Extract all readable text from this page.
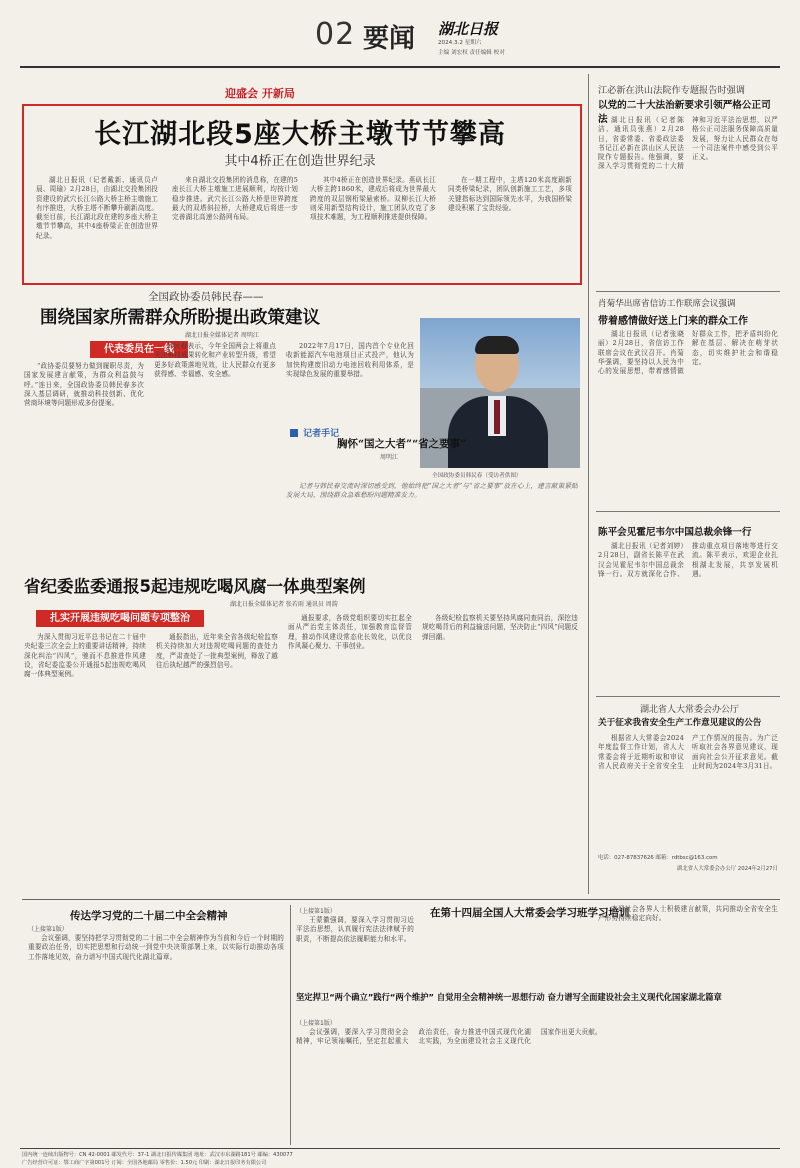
02 要闻 湖北日报
2024.3.2 星期六
主编 刘宏权 责任编辑 校对
迎盛会 开新局
长江湖北段5座大桥主墩节节攀高
其中4桥正在创造世界纪录

湖北日报讯（记者戴新、通讯员卢晨、周瑜）2月28日，由湖北交投集团投资建设的武穴长江公路大桥主桥主墩施工有序推进，大桥主塔不断攀升刷新高度。截至目前，长江湖北段在建的多座大桥主墩节节攀高，其中4座桥梁正在创造世界纪录。

来自湖北交投集团的消息称，在建的5座长江大桥主墩施工进展顺利，均按计划稳步推进。武穴长江公路大桥是世界跨度最大的双塔斜拉桥，大桥建成后将进一步完善湖北高速公路网布局。

其中4桥正在创造世界纪录。燕矶长江大桥主跨1860米，建成后将成为世界最大跨度的双层钢桁梁悬索桥。双柳长江大桥则采用新型结构设计，施工团队攻克了多项技术难题，为工程顺利推进提供保障。

在一期工程中，主塔120米高度刷新同类桥梁纪录，团队创新施工工艺，多项关键指标达到国际领先水平，为我国桥梁建设积累了宝贵经验。

全国政协委员韩民春——
围绕国家所需群众所盼提出政策建议
湖北日报全媒体记者 周明江
代表委员在一线

“政协委员要努力做到履职尽责，为国家发展建言献策，为群众利益鼓与呼。”连日来，全国政协委员韩民春多次深入基层调研，就推动科技创新、优化营商环境等问题形成多份提案。

韩民春表示，今年全国两会上将重点关注科技成果转化和产业转型升级，希望更多好政策落地见效，让人民群众有更多获得感、幸福感、安全感。

2022年7月17日，国内首个专业化回收新能源汽车电池项目正式投产，他认为加快构建废旧动力电池回收利用体系，是实现绿色发展的重要举措。

全国政协委员韩民春（受访者供图）
记者手记
胸怀“国之大者”“省之要事”
周明江

记者与韩民春交流时深切感受到，他始终把“国之大者”与“省之要事”放在心上，建言献策紧贴发展大局，围绕群众急难愁盼问题精准发力。

省纪委监委通报5起违规吃喝风腐一体典型案例
湖北日报全媒体记者 张若雨 通讯员 周韵
扎实开展违规吃喝问题专项整治

为深入贯彻习近平总书记在二十届中央纪委三次全会上的重要讲话精神，持续深化纠治“四风”，驰而不息推进作风建设，省纪委监委公开通报5起违规吃喝风腐一体典型案例。

通报指出，近年来全省各级纪检监察机关持续加大对违规吃喝问题的查处力度，严肃查处了一批典型案例，释放了越往后执纪越严的强烈信号。

通报要求，各级党组织要切实扛起全面从严治党主体责任，加强教育监督管理，推动作风建设常态化长效化，以优良作风凝心聚力、干事创业。

各级纪检监察机关要坚持风腐同查同治，深挖违规吃喝背后的利益输送问题，坚决防止“四风”问题反弹回潮。

传达学习党的二十届二中全会精神
（上接第1版）

会议强调，要坚持把学习贯彻党的二十届二中全会精神作为当前和今后一个时期的重要政治任务，切实把思想和行动统一到党中央决策部署上来，以实际行动推动各项工作落地见效，奋力谱写中国式现代化湖北篇章。

（上接第1版）

王蒙徽强调，要深入学习贯彻习近平法治思想，认真履行宪法法律赋予的职责，不断提高依法履职能力和水平。

在第十四届全国人大常委会学习班学习培训
坚定捍卫“两个确立”践行“两个维护” 自觉用全会精神统一思想行动 奋力谱写全面建设社会主义现代化国家湖北篇章
（上接第1版）

会议强调，要深入学习贯彻全会精神，牢记领袖嘱托，坚定扛起重大政治责任，奋力推进中国式现代化湖北实践，为全面建设社会主义现代化国家作出更大贡献。

江必新在洪山法院作专题报告时强调
以党的二十大法治新要求引领严格公正司法 湖北日报讯（记者陈洁、通讯员张燕）2月28日，省委常委、省委政法委书记江必新在洪山区人民法院作专题报告。他强调，要深入学习贯彻党的二十大精神和习近平法治思想，以严格公正司法服务保障高质量发展，努力让人民群众在每一个司法案件中感受到公平正义。

肖菊华出席省信访工作联席会议强调
带着感情做好送上门来的群众工作

湖北日报讯（记者张晓丽）2月28日，省信访工作联席会议在武汉召开。肖菊华强调，要坚持以人民为中心的发展思想，带着感情做好群众工作，把矛盾纠纷化解在基层、解决在萌芽状态，切实维护社会和谐稳定。

陈平会见霍尼韦尔中国总裁余锋一行

湖北日报讯（记者刘婷）2月28日，副省长陈平在武汉会见霍尼韦尔中国总裁余锋一行。双方就深化合作、推动重点项目落地等进行交流。陈平表示，欢迎企业扎根湖北发展，共享发展机遇。

湖北省人大常委会办公厅
关于征求我省安全生产工作意见建议的公告

根据省人大常委会2024年度监督工作计划，省人大常委会将于近期听取和审议省人民政府关于全省安全生产工作情况的报告。为广泛听取社会各界意见建议，现面向社会公开征求意见。截止时间为2024年3月31日。

电话：027-87837626 邮箱：rdtbsc@163.com
湖北省人大常委会办公厅 2024年2月27日

欢迎社会各界人士积极建言献策，共同推动全省安全生产形势持续稳定向好。

国内统一连续出版物号：CN 42-0001 邮发代号：37-1 湖北日报传媒集团 地址：武汉市东湖路181号 邮编：430077
广告经营许可证：鄂工商广字第001号 订阅：全国各地邮局 零售价：1.50元 印刷：湖北日报印务有限公司
